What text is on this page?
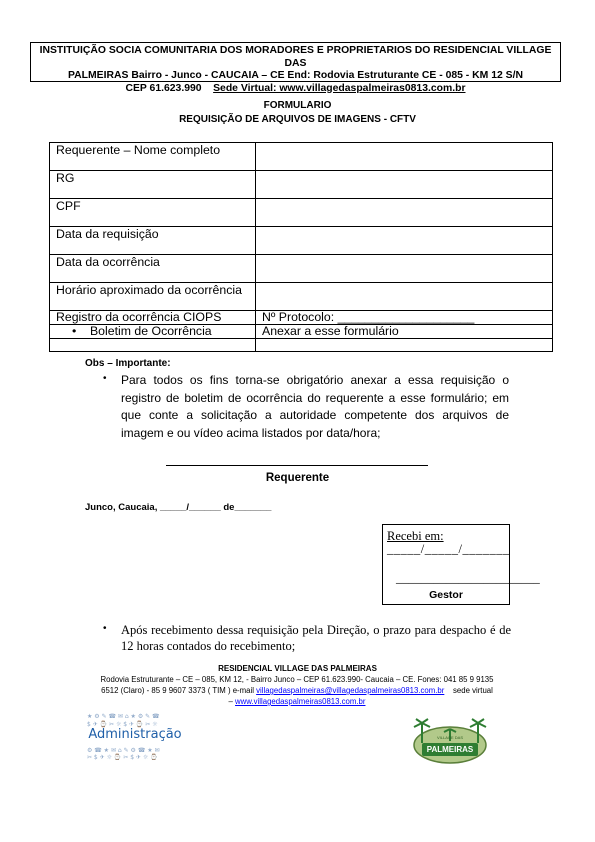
INSTITUIÇÃO SOCIA COMUNITARIA DOS MORADORES E PROPRIETARIOS DO RESIDENCIAL VILLAGE DAS
PALMEIRAS Bairro - Junco - CAUCAIA – CE End: Rodovia Estruturante CE - 085 - KM 12 S/N
CEP 61.623.990 Sede Virtual: www.villagedaspalmeiras0813.com.br
FORMULARIO
REQUISIÇÃO DE ARQUIVOS DE IMAGENS - CFTV
Requerente – Nome completo	
RG	
CPF	
Data da requisição	
Data da ocorrência	
Horário aproximado da ocorrência	
Registro da ocorrência CIOPS	Nº Protocolo: ____________________
• Boletim de Ocorrência	Anexar a esse formulário

Obs – Importante:
• Para todos os fins torna-se obrigatório anexar a essa requisição o registro de boletim de ocorrência do requerente a esse formulário; em que conte a solicitação a autoridade competente dos arquivos de imagem e ou vídeo acima listados por data/hora;
Requerente
Junco, Caucaia, _____/______ de_______
Recebi em:
_____/_____/_______
_______________________
Gestor
• Após recebimento dessa requisição pela Direção, o prazo para despacho é de 12 horas contados do recebimento;
RESIDENCIAL VILLAGE DAS PALMEIRAS
Rodovia Estruturante – CE – 085, KM 12, - Bairro Junco – CEP 61.623.990- Caucaia – CE. Fones: 041 85 9 9135
6512 (Claro) - 85 9 9607 3373 ( TIM ) e-mail villagedaspalmeiras@villagedaspalmeiras0813.com.br sede virtual
– www.villagedaspalmeiras0813.com.br
★ ⚙ ✎ ☎ ✉ ⌂ ★ ⚙ ✎ ☎
$ ✈ ⌚ ✂ ☼ $ ✈ ⌚ ✂ ☼
⚙ ☎ ★ ✉ ⌂ ✎ ⚙ ☎ ★ ✉
✂ $ ✈ ☼ ⌚ ✂ $ ✈ ☼ ⌚
Administração
PALMEIRAS
VILLAGE DAS
